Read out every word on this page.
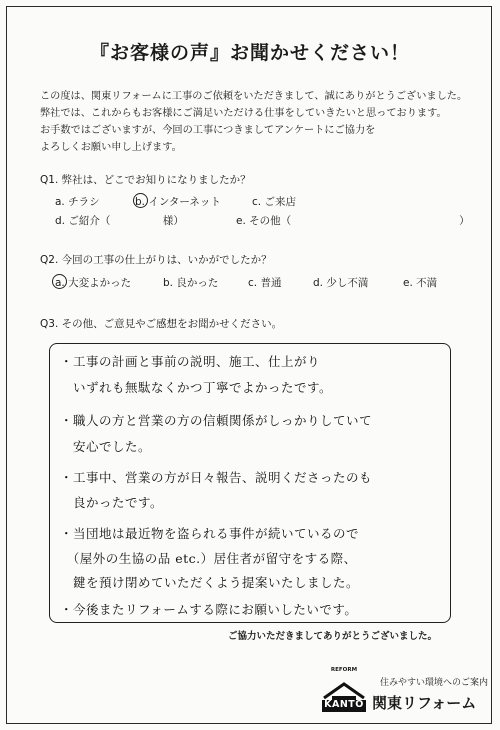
『お客様の声』お聞かせください！
この度は、関東リフォームに工事のご依頼をいただきまして、誠にありがとうございました。
弊社では、これからもお客様にご満足いただける仕事をしていきたいと思っております。
お手数ではございますが、今回の工事につきましてアンケートにご協力を
よろしくお願い申し上げます。
Q1. 弊社は、どこでお知りになりましたか？
a. チラシ	b. インターネット	c. ご来店
d. ご紹介（　　　　　様）	e. その他（　　　　　　　　　　　　　　　　）
Q2. 今回の工事の仕上がりは、いかがでしたか？
a. 大変よかった	b. 良かった	c. 普通	d. 少し不満	e. 不満
Q3. その他、ご意見やご感想をお聞かせください。
・工事の計画と事前の説明、施工、仕上がり
　いずれも無駄なくかつ丁寧でよかったです。
・職人の方と営業の方の信頼関係がしっかりしていて
　安心でした。
・工事中、営業の方が日々報告、説明くださったのも
　良かったです。
・当団地は最近物を盗られる事件が続いているので
　（屋外の生協の品 etc.）居住者が留守をする際、
　鍵を預け閉めていただくよう提案いたしました。
・今後またリフォームする際にお願いしたいです。
ご協力いただきましてありがとうございました。
REFORM
KANTO
住みやすい環境へのご案内
関東リフォーム
